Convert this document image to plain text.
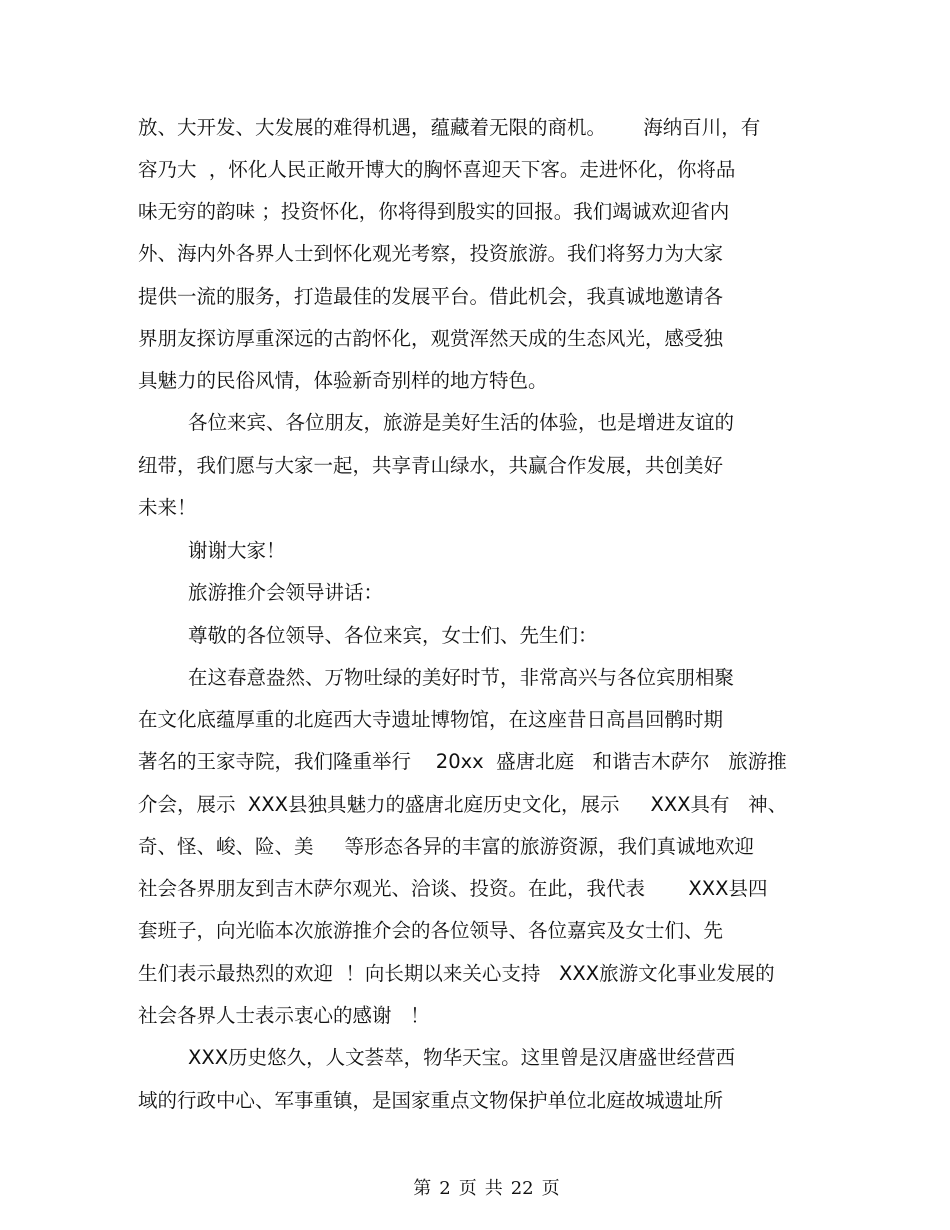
放、大开发、大发展的难得机遇，蕴藏着无限的商机。      海纳百川，有
容乃大  ，怀化人民正敞开博大的胸怀喜迎天下客。走进怀化，你将品
味无穷的韵味 ；投资怀化，你将得到殷实的回报。我们竭诚欢迎省内
外、海内外各界人士到怀化观光考察，投资旅游。我们将努力为大家
提供一流的服务，打造最佳的发展平台。借此机会，我真诚地邀请各
界朋友探访厚重深远的古韵怀化，观赏浑然天成的生态风光，感受独
具魅力的民俗风情，体验新奇别样的地方特色。
各位来宾、各位朋友，旅游是美好生活的体验，也是增进友谊的
纽带，我们愿与大家一起，共享青山绿水，共赢合作发展，共创美好
未来！
谢谢大家！
旅游推介会领导讲话：
尊敬的各位领导、各位来宾，女士们、先生们：
在这春意盎然、万物吐绿的美好时节，非常高兴与各位宾朋相聚
在文化底蕴厚重的北庭西大寺遗址博物馆，在这座昔日高昌回鹘时期
著名的王家寺院，我们隆重举行    20xx  盛唐北庭   和谐吉木萨尔   旅游推
介会，展示  XXX县独具魅力的盛唐北庭历史文化，展示     XXX具有   神、
奇、怪、峻、险、美     等形态各异的丰富的旅游资源，我们真诚地欢迎
社会各界朋友到吉木萨尔观光、洽谈、投资。在此，我代表       XXX县四
套班子，向光临本次旅游推介会的各位领导、各位嘉宾及女士们、先
生们表示最热烈的欢迎  ！向长期以来关心支持   XXX旅游文化事业发展的
社会各界人士表示衷心的感谢   ！
XXX历史悠久，人文荟萃，物华天宝。这里曾是汉唐盛世经营西
域的行政中心、军事重镇，是国家重点文物保护单位北庭故城遗址所

第 2 页 共 22 页
